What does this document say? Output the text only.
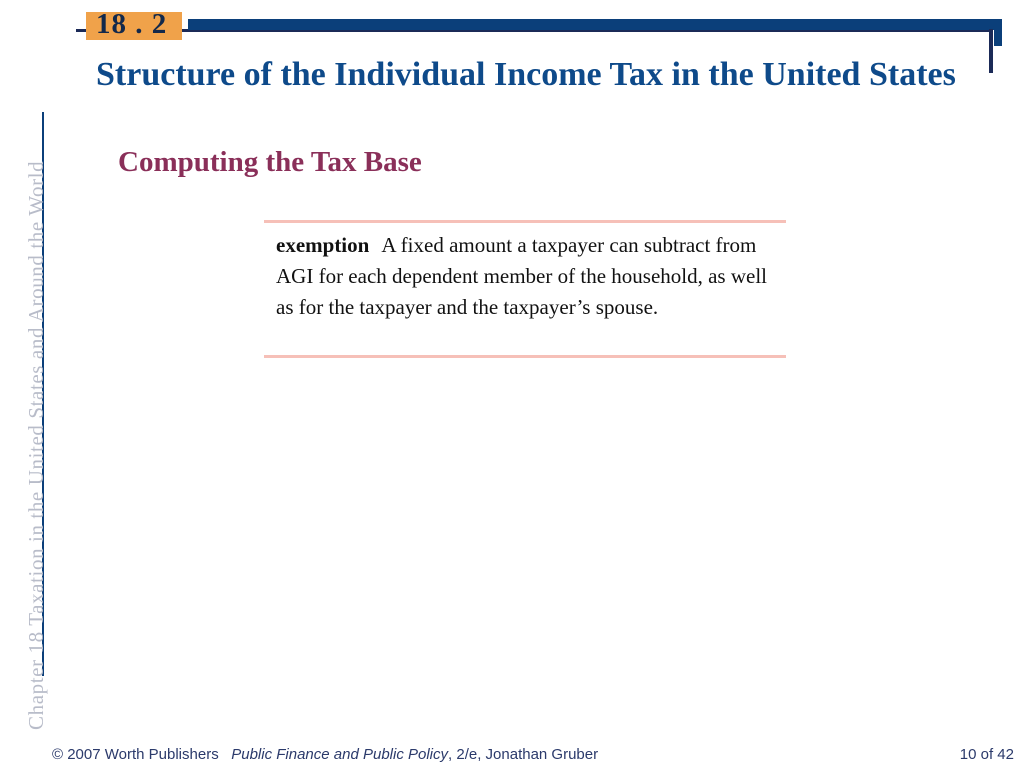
18 . 2
Structure of the Individual Income Tax in the United States
Computing the Tax Base
Chapter 18 Taxation in the United States and Around the World	exemption A fixed amount a taxpayer can subtract from AGI for each dependent member of the household, as well as for the taxpayer and the taxpayer’s spouse.
© 2007 Worth Publishers Public Finance and Public Policy, 2/e, Jonathan Gruber	10 of 42
